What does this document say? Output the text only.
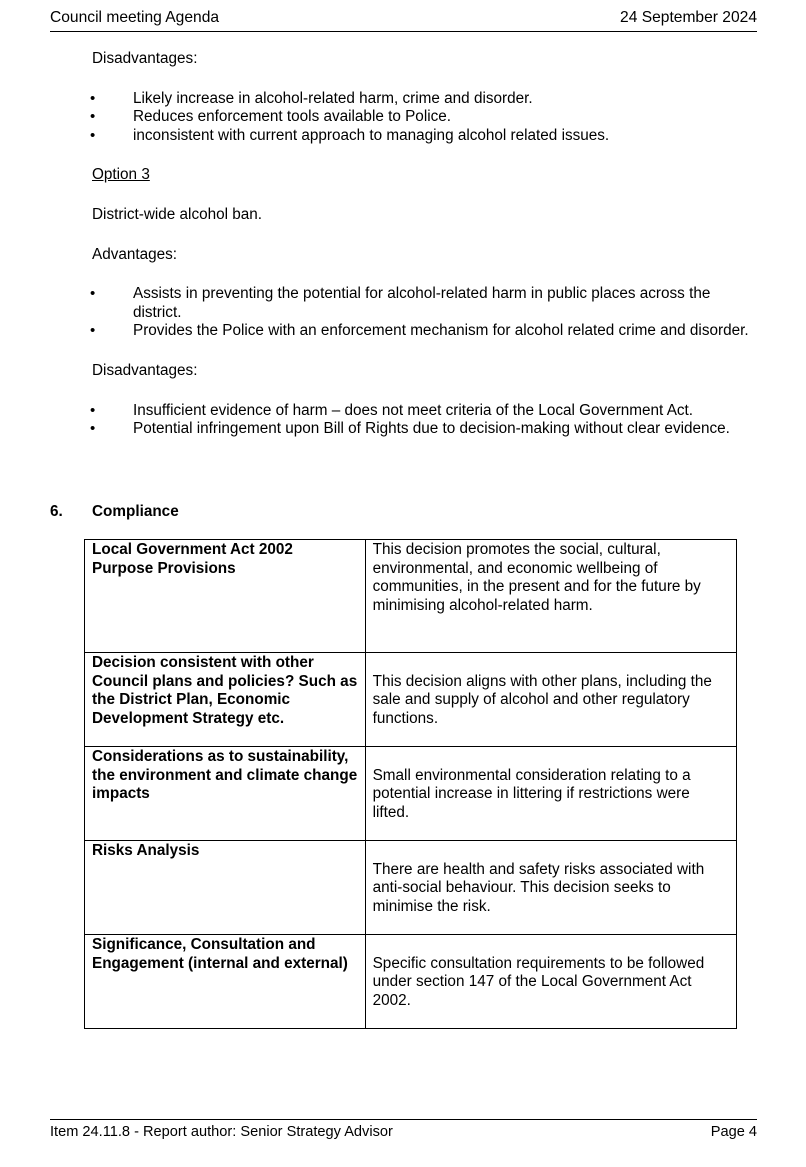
Council meeting Agenda	24 September 2024

Disadvantages:

• Likely increase in alcohol-related harm, crime and disorder.
• Reduces enforcement tools available to Police.
• inconsistent with current approach to managing alcohol related issues.

Option 3

District-wide alcohol ban.

Advantages:

• Assists in preventing the potential for alcohol-related harm in public places across the district.
• Provides the Police with an enforcement mechanism for alcohol related crime and disorder.

Disadvantages:

• Insufficient evidence of harm – does not meet criteria of the Local Government Act.
• Potential infringement upon Bill of Rights due to decision-making without clear evidence.
6.	Compliance
Local Government Act 2002 Purpose Provisions	This decision promotes the social, cultural, environmental, and economic wellbeing of communities, in the present and for the future by minimising alcohol-related harm.
Decision consistent with other Council plans and policies? Such as the District Plan, Economic Development Strategy etc.	This decision aligns with other plans, including the sale and supply of alcohol and other regulatory functions.
Considerations as to sustainability, the environment and climate change impacts	Small environmental consideration relating to a potential increase in littering if restrictions were lifted.
Risks Analysis	There are health and safety risks associated with anti-social behaviour. This decision seeks to minimise the risk.
Significance, Consultation and Engagement (internal and external)	Specific consultation requirements to be followed under section 147 of the Local Government Act 2002.
Item 24.11.8 - Report author: Senior Strategy Advisor	Page 4
